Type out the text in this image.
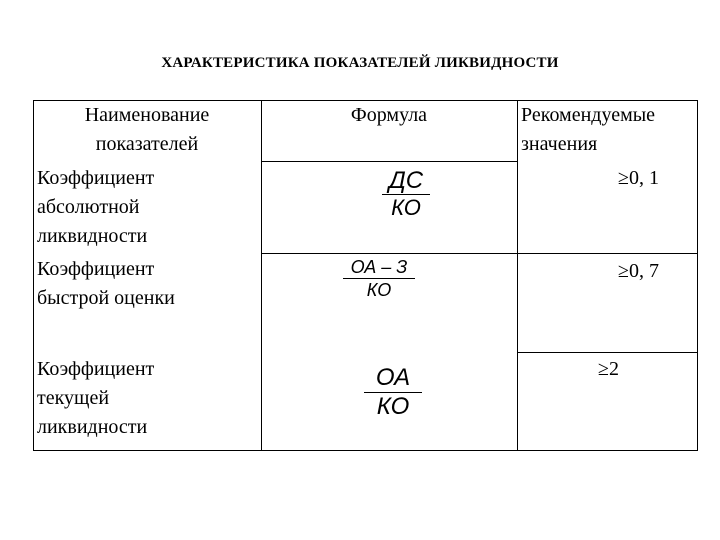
ХАРАКТЕРИСТИКА ПОКАЗАТЕЛЕЙ ЛИКВИДНОСТИ
Наименование
показателей
Формула	Рекомендуемые
значения
Коэффициент
абсолютной
ликвидности
ДС
КО
≥0, 1
Коэффициент
быстрой оценки
ОА – З
КО
≥0, 7
Коэффициент
текущей
ликвидности
ОА
КО
≥2
